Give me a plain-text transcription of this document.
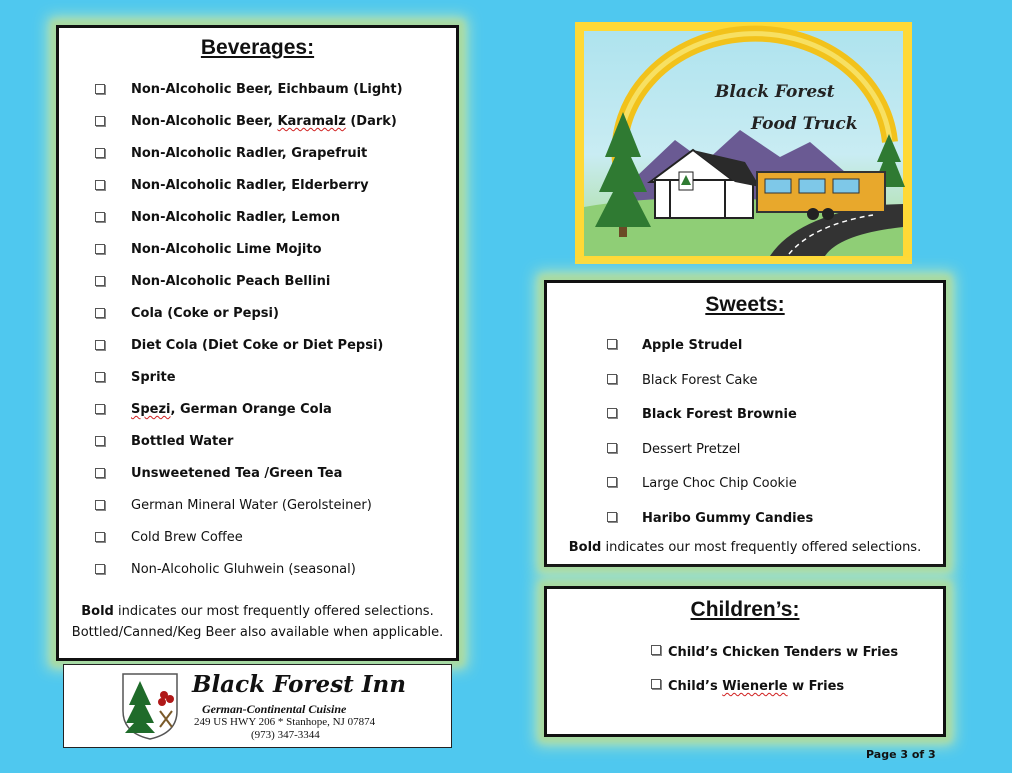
Beverages:
Non-Alcoholic Beer, Eichbaum (Light)
Non-Alcoholic Beer, Karamalz (Dark)
Non-Alcoholic Radler, Grapefruit
Non-Alcoholic Radler, Elderberry
Non-Alcoholic Radler, Lemon
Non-Alcoholic Lime Mojito
Non-Alcoholic Peach Bellini
Cola (Coke or Pepsi)
Diet Cola (Diet Coke or Diet Pepsi)
Sprite
Spezi, German Orange Cola
Bottled Water
Unsweetened Tea /Green Tea
German Mineral Water (Gerolsteiner)
Cold Brew Coffee
Non-Alcoholic Gluhwein (seasonal)
Bold indicates our most frequently offered selections.
Bottled/Canned/Keg Beer also available when applicable.
Black Forest
Food Truck
Sweets:
Apple Strudel
Black Forest Cake
Black Forest Brownie
Dessert Pretzel
Large Choc Chip Cookie
Haribo Gummy Candies
Bold indicates our most frequently offered selections.
Children’s:
Child’s Chicken Tenders w Fries
Child’s Wienerle w Fries
Black Forest Inn
German-Continental Cuisine
249 US HWY 206 * Stanhope, NJ 07874
(973) 347-3344
Page 3 of 3
